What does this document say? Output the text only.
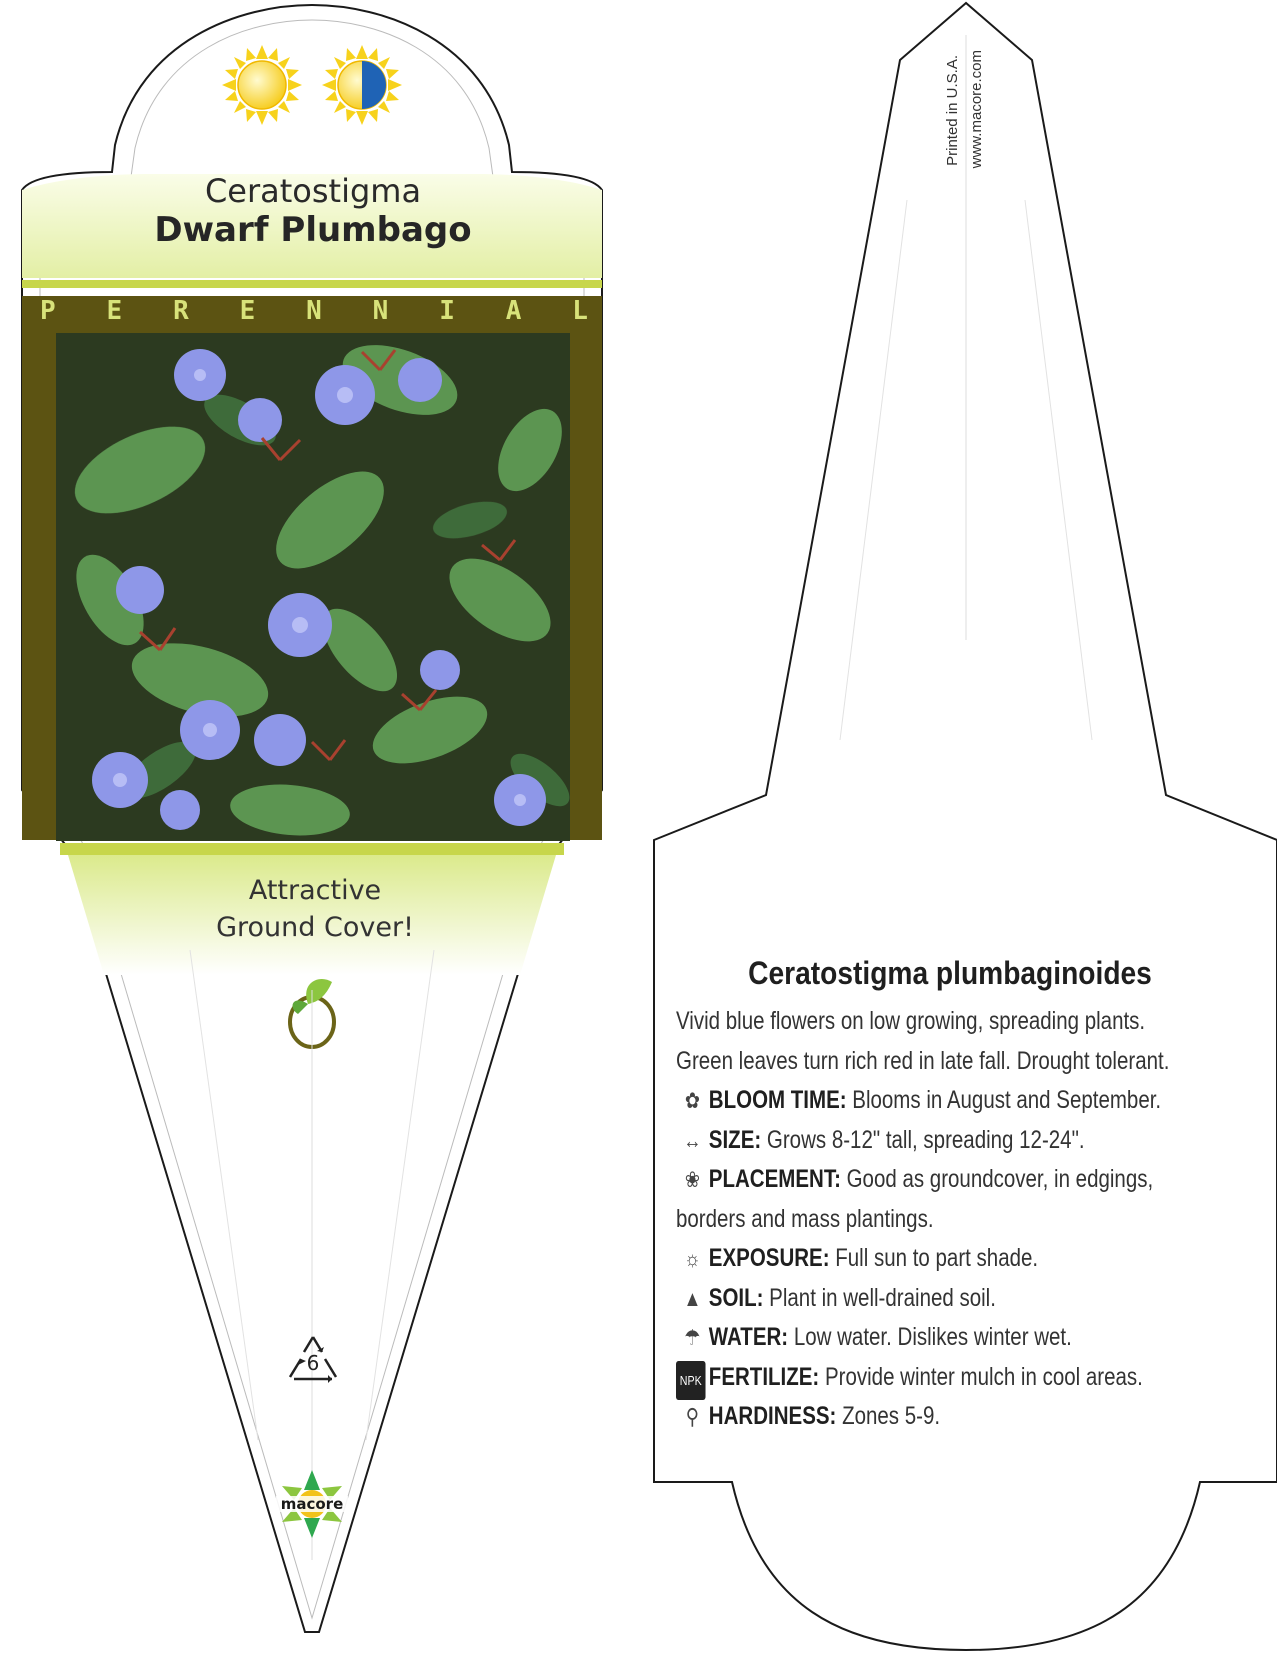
Ceratostigma
Dwarf Plumbago
P E R E N N I A L
Attractive
Ground Cover!
6
macore
Printed in U.S.A. www.macore.com
Ceratostigma plumbaginoides
Vivid blue flowers on low growing, spreading plants.
Green leaves turn rich red in late fall. Drought tolerant.
✿ BLOOM TIME: Blooms in August and September.
↔ SIZE: Grows 8-12" tall, spreading 12-24".
❀ PLACEMENT: Good as groundcover, in edgings,
borders and mass plantings.
☼ EXPOSURE: Full sun to part shade.
▲ SOIL: Plant in well-drained soil.
☂ WATER: Low water. Dislikes winter wet.
NPK FERTILIZE: Provide winter mulch in cool areas.
⚲ HARDINESS: Zones 5-9.
